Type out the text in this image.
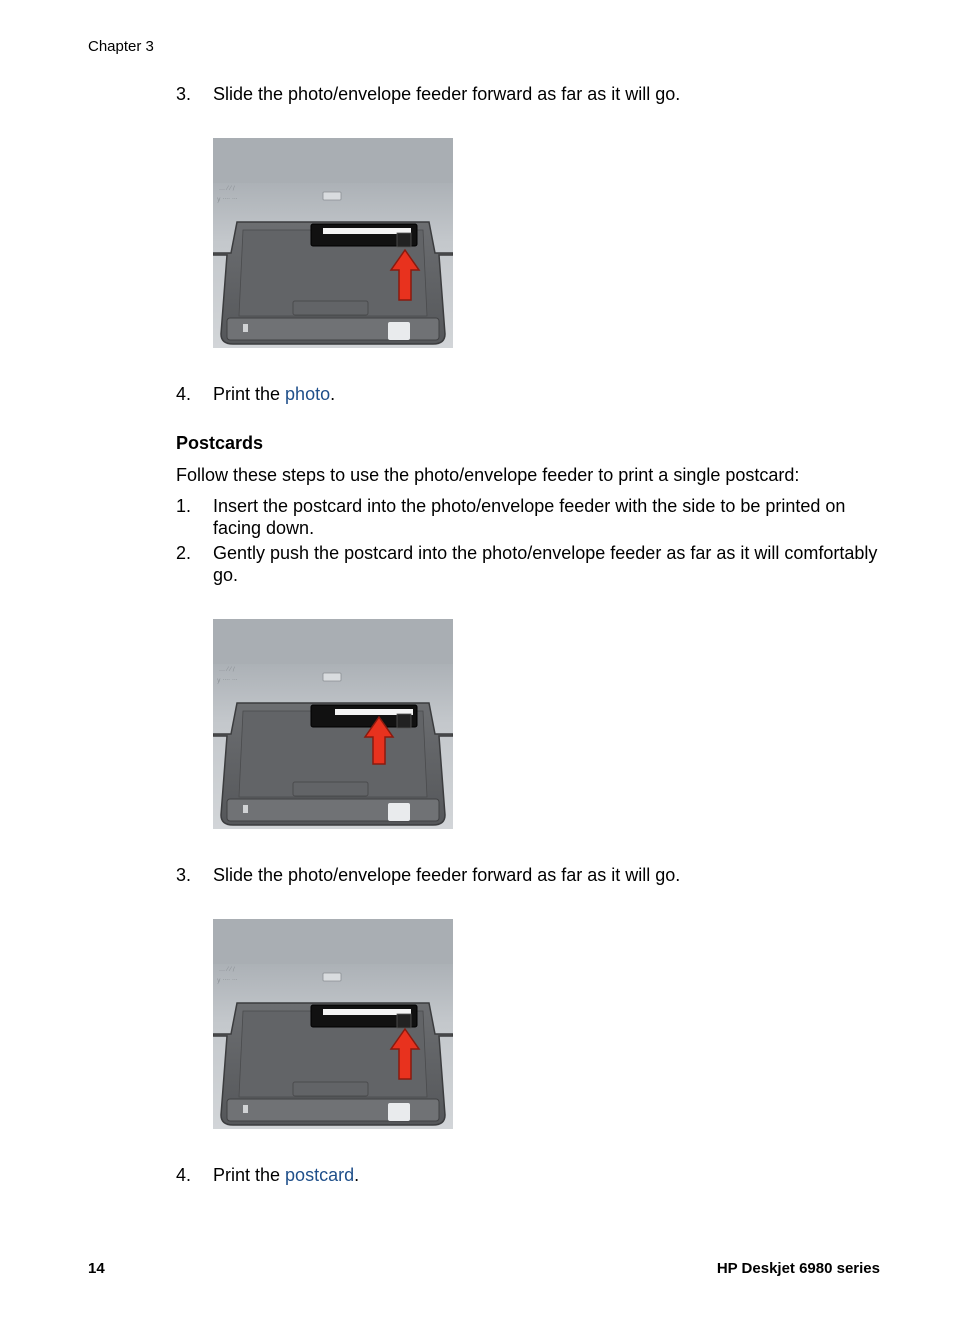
Chapter 3
3. Slide the photo/envelope feeder forward as far as it will go.
4. Print the photo.
Postcards
Follow these steps to use the photo/envelope feeder to print a single postcard:
1. Insert the postcard into the photo/envelope feeder with the side to be printed on
facing down.
2. Gently push the postcard into the photo/envelope feeder as far as it will comfortably
go.
3. Slide the photo/envelope feeder forward as far as it will go.
4. Print the postcard.
14	HP Deskjet 6980 series
